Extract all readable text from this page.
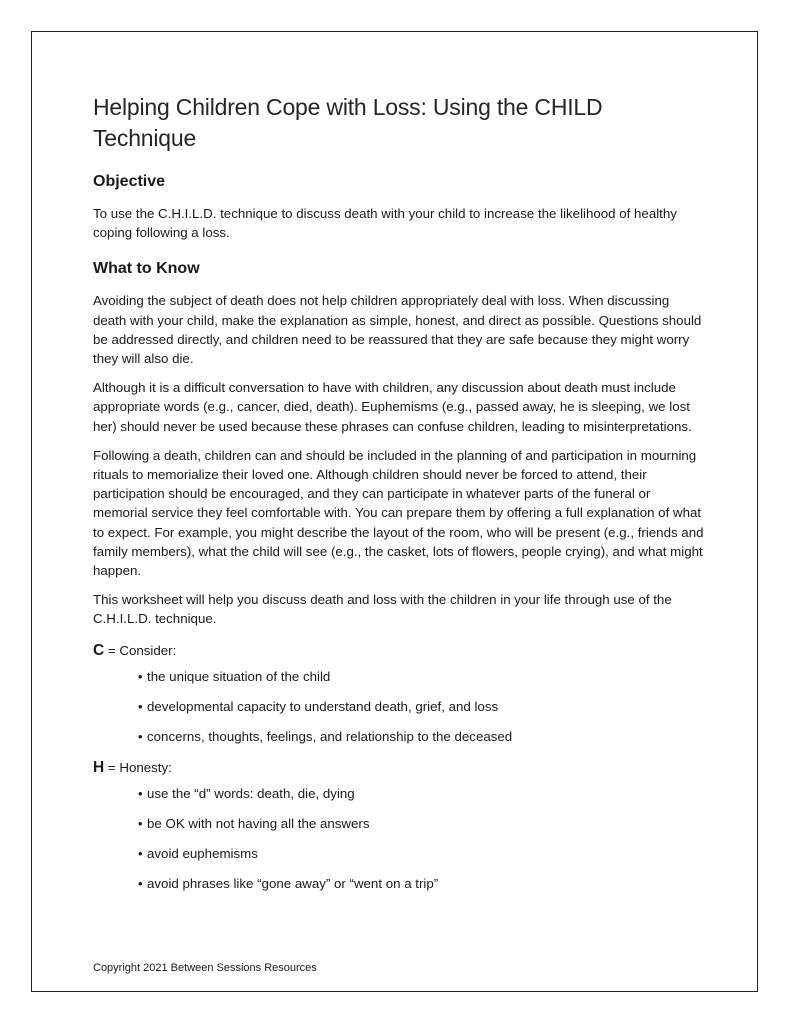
Helping Children Cope with Loss: Using the CHILD Technique
Objective

To use the C.H.I.L.D. technique to discuss death with your child to increase the likelihood of healthy coping following a loss.

What to Know

Avoiding the subject of death does not help children appropriately deal with loss. When discussing death with your child, make the explanation as simple, honest, and direct as possible. Questions should be addressed directly, and children need to be reassured that they are safe because they might worry they will also die.

Although it is a difficult conversation to have with children, any discussion about death must include appropriate words (e.g., cancer, died, death). Euphemisms (e.g., passed away, he is sleeping, we lost her) should never be used because these phrases can confuse children, leading to misinterpretations.

Following a death, children can and should be included in the planning of and participation in mourning rituals to memorialize their loved one. Although children should never be forced to attend, their participation should be encouraged, and they can participate in whatever parts of the funeral or memorial service they feel comfortable with. You can prepare them by offering a full explanation of what to expect. For example, you might describe the layout of the room, who will be present (e.g., friends and family members), what the child will see (e.g., the casket, lots of flowers, people crying), and what might happen.

This worksheet will help you discuss death and loss with the children in your life through use of the C.H.I.L.D. technique.

C = Consider:
• the unique situation of the child
• developmental capacity to understand death, grief, and loss
• concerns, thoughts, feelings, and relationship to the deceased
H = Honesty:
• use the “d” words: death, die, dying
• be OK with not having all the answers
• avoid euphemisms
• avoid phrases like “gone away” or “went on a trip”
Copyright 2021 Between Sessions Resources
